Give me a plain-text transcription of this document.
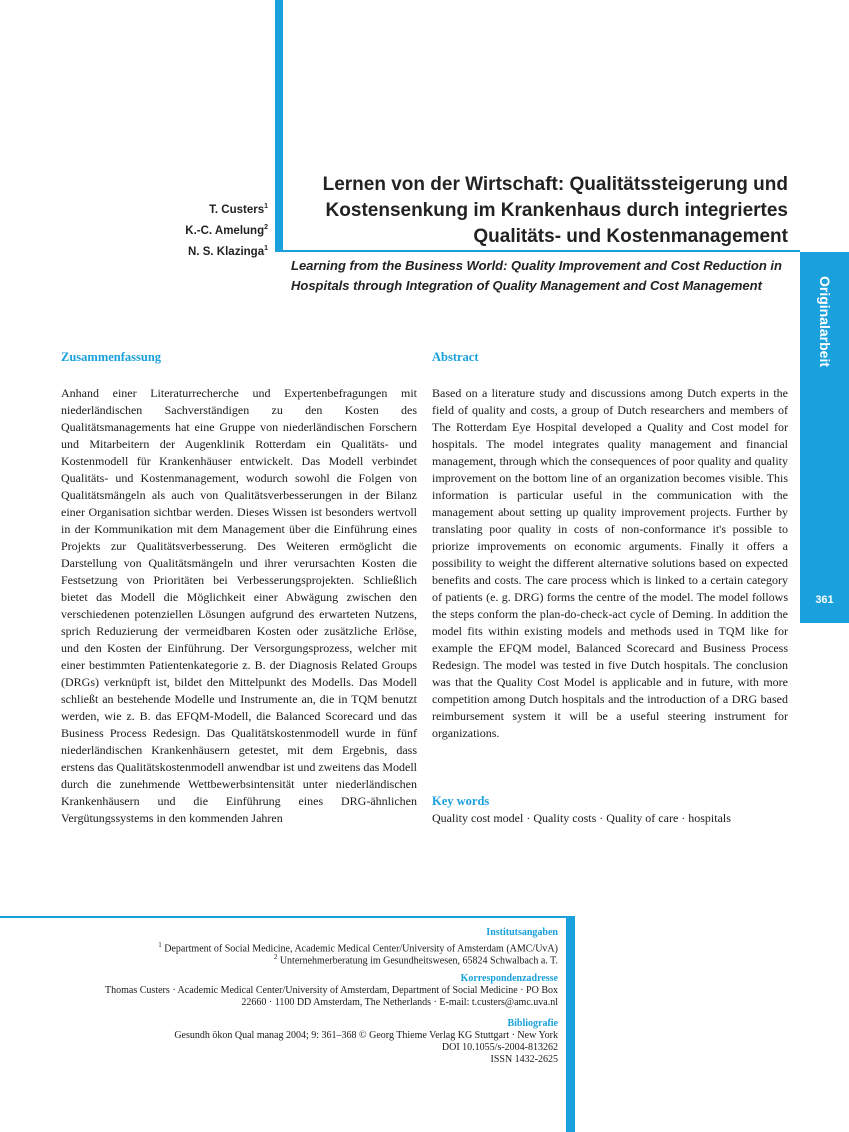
Originalarbeit
361
T. Custers$^1$
K.-C. Amelung$^2$
N. S. Klazinga$^1$
Lernen von der Wirtschaft: Qualitätssteigerung und Kostensenkung im Krankenhaus durch integriertes Qualitäts- und Kostenmanagement
Learning from the Business World: Quality Improvement and Cost Reduction in Hospitals through Integration of Quality Management and Cost Management
Zusammenfassung
Anhand einer Literaturrecherche und Expertenbefragungen mit niederländischen Sachverständigen zu den Kosten des Qualitätsmanagements hat eine Gruppe von niederländischen Forschern und Mitarbeitern der Augenklinik Rotterdam ein Qualitäts- und Kostenmodell für Krankenhäuser entwickelt. Das Modell verbindet Qualitäts- und Kostenmanagement, wodurch sowohl die Folgen von Qualitätsmängeln als auch von Qualitätsverbesserungen in der Bilanz einer Organisation sichtbar werden. Dieses Wissen ist besonders wertvoll in der Kommunikation mit dem Management über die Einführung eines Projekts zur Qualitätsverbesserung. Des Weiteren ermöglicht die Darstellung von Qualitätsmängeln und ihrer verursachten Kosten die Festsetzung von Prioritäten bei Verbesserungsprojekten. Schließlich bietet das Modell die Möglichkeit einer Abwägung zwischen den verschiedenen potenziellen Lösungen aufgrund des erwarteten Nutzens, sprich Reduzierung der vermeidbaren Kosten oder zusätzliche Erlöse, und den Kosten der Einführung. Der Versorgungsprozess, welcher mit einer bestimmten Patientenkategorie z. B. der Diagnosis Related Groups (DRGs) verknüpft ist, bildet den Mittelpunkt des Modells. Das Modell schließt an bestehende Modelle und Instrumente an, die in TQM benutzt werden, wie z. B. das EFQM-Modell, die Balanced Scorecard und das Business Process Redesign. Das Qualitätskostenmodell wurde in fünf niederländischen Krankenhäusern getestet, mit dem Ergebnis, dass erstens das Qualitätskostenmodell anwendbar ist und zweitens das Modell durch die zunehmende Wettbewerbsintensität unter niederländischen Krankenhäusern und die Einführung eines DRG-ähnlichen Vergütungssystems in den kommenden Jahren
Abstract
Based on a literature study and discussions among Dutch experts in the field of quality and costs, a group of Dutch researchers and members of The Rotterdam Eye Hospital developed a Quality and Cost model for hospitals. The model integrates quality management and financial management, through which the consequences of poor quality and quality improvement on the bottom line of an organization becomes visible. This information is particular useful in the communication with the management about setting up quality improvement projects. Further by translating poor quality in costs of non-conformance it's possible to priorize improvements on economic arguments. Finally it offers a possibility to weight the different alternative solutions based on expected benefits and costs. The care process which is linked to a certain category of patients (e. g. DRG) forms the centre of the model. The model follows the steps conform the plan-do-check-act cycle of Deming. In addition the model fits within existing models and methods used in TQM like for example the EFQM model, Balanced Scorecard and Business Process Redesign. The model was tested in five Dutch hospitals. The conclusion was that the Quality Cost Model is applicable and in future, with more competition among Dutch hospitals and the introduction of a DRG based reimbursement system it will be a useful steering instrument for organizations.
Key words
Quality cost model · Quality costs · Quality of care · hospitals
Institutsangaben
$^1$ Department of Social Medicine, Academic Medical Center/University of Amsterdam (AMC/UvA)
$^2$ Unternehmerberatung im Gesundheitswesen, 65824 Schwalbach a. T.
Korrespondenzadresse
Thomas Custers · Academic Medical Center/University of Amsterdam, Department of Social Medicine · PO Box
22660 · 1100 DD Amsterdam, The Netherlands · E-mail: t.custers@amc.uva.nl
Bibliografie
Gesundh ökon Qual manag 2004; 9: 361–368 © Georg Thieme Verlag KG Stuttgart · New York
DOI 10.1055/s-2004-813262
ISSN 1432-2625
